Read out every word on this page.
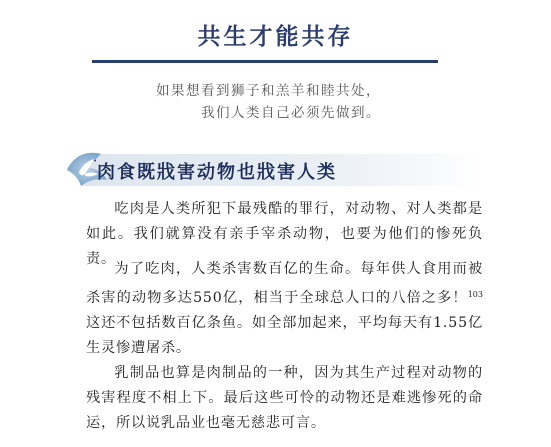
共生才能共存
如果想看到狮子和羔羊和睦共处，
我们人类自己必须先做到。
肉食既戕害动物也戕害人类
吃肉是人类所犯下最残酷的罪行，对动物、对人类都是如此。我们就算没有亲手宰杀动物，也要为他们的惨死负责。
为了吃肉，人类杀害数百亿的生命。每年供人食用而被杀害的动物多达550亿，相当于全球总人口的八倍之多！$^{103}$ 这还不包括数百亿条鱼。如全部加起来，平均每天有1.55亿生灵惨遭屠杀。
乳制品也算是肉制品的一种，因为其生产过程对动物的残害程度不相上下。最后这些可怜的动物还是难逃惨死的命运，所以说乳品业也毫无慈悲可言。
